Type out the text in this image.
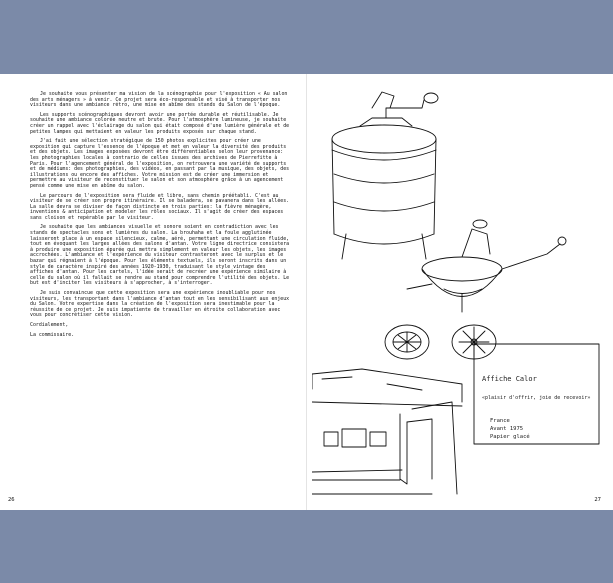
Je souhaite vous présenter ma vision de la scénographie pour l'exposition « Au salon des arts ménagers » à venir. Ce projet sera éco-responsable et visé à transporter nos visiteurs dans une ambiance rétro, une mise en abîme des stands du Salon de l'époque.

Les supports scénographiques devront avoir une portée durable et réutilisable. Je souhaite une ambiance colorée neutre et brute. Pour l'atmosphère lumineuse, je souhaite créer un rappel avec l'éclairage du salon qui était composé d'une lumière générale et de petites lampes qui mettaient en valeur les produits exposés sur chaque stand.

J'ai fait une sélection stratégique de 150 photos explicites pour créer une exposition qui capture l'essence de l'époque et met en valeur la diversité des produits et des objets. Les images exposées devront être différentiables selon leur provenance: les photographies locales à contrario de celles issues des archives de Pierrefitte à Paris. Pour l'agencement général de l'exposition, on retrouvera une variété de supports et de médiums: des photographies, des vidéos, en passant par la musique, des objets, des illustrations ou encore des affiches. Votre mission est de créer une immersion et permettre au visiteur de reconstituer le salon et son atmosphère grâce à un agencement pensé comme une mise en abîme du salon.

Le parcours de l'exposition sera fluide et libre, sans chemin préétabli. C'est au visiteur de se créer son propre itinéraire. Il se baladera, se pavanera dans les allées. La salle devra se diviser de façon distincte en trois parties: la fièvre ménagère, inventions & anticipation et modeler les rôles sociaux. Il s'agit de créer des espaces sans cloison et repérable par le visiteur.

Je souhaite que les ambiances visuelle et sonore soient en contradiction avec les stands de spectacles sons et lumières du salon. La brouhaha et la foule agglutinée laisseront place à un espace silencieux, calme, aéré, permettant une circulation fluide, tout en évoquant les larges allées des salons d'antan. Votre ligne directrice consistera à produire une exposition épurée qui mettra simplement en valeur les objets, les images accrochées. L'ambiance et l'expérience du visiteur contrasteront avec le surplus et le bazar qui régnaient à l'époque. Pour les éléments textuels, ils seront inscrits dans un style de caractère inspiré des années 1920-1930, traduisant le style vintage des affiches d'antan. Pour les cartels, l'idée serait de recréer une expérience similaire à celle du salon où il fallait se rendre au stand pour comprendre l'utilité des objets. Le but est d'inciter les visiteurs à s'approcher, à s'interroger.

Je suis convaincue que cette exposition sera une expérience inoubliable pour nos visiteurs, les transportant dans l'ambiance d'antan tout en les sensibilisant aux enjeux du Salon. Votre expertise dans la création de l'exposition sera inestimable pour la réussite de ce projet. Je suis impatiente de travailler en étroite collaboration avec vous pour concrétiser cette vision.

Cordialement,

La commissaire.

26
Affiche Calor
«plaisir d'offrir, joie de recevoir»
France
Avant 1975
Papier glacé
27
